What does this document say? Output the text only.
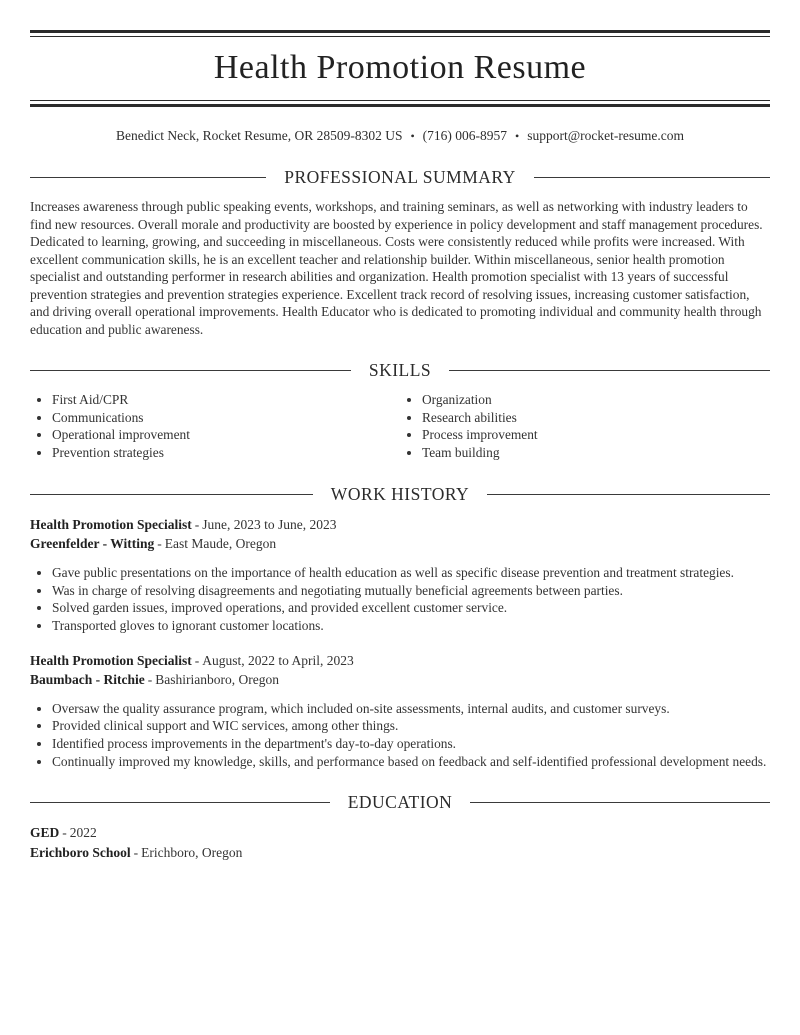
Health Promotion Resume
Benedict Neck, Rocket Resume, OR 28509-8302 US • (716) 006-8957 • support@rocket-resume.com
PROFESSIONAL SUMMARY

Increases awareness through public speaking events, workshops, and training seminars, as well as networking with industry leaders to find new resources. Overall morale and productivity are boosted by experience in policy development and staff management procedures. Dedicated to learning, growing, and succeeding in miscellaneous. Costs were consistently reduced while profits were increased. With excellent communication skills, he is an excellent teacher and relationship builder. Within miscellaneous, senior health promotion specialist and outstanding performer in research abilities and organization. Health promotion specialist with 13 years of successful prevention strategies and prevention strategies experience. Excellent track record of resolving issues, increasing customer satisfaction, and driving overall operational improvements. Health Educator who is dedicated to promoting individual and community health through education and public awareness.

SKILLS
• First Aid/CPR
• Communications
• Operational improvement
• Prevention strategies
• Organization
• Research abilities
• Process improvement
• Team building
WORK HISTORY
Health Promotion Specialist - June, 2023 to June, 2023
Greenfelder - Witting - East Maude, Oregon
• Gave public presentations on the importance of health education as well as specific disease prevention and treatment strategies.
• Was in charge of resolving disagreements and negotiating mutually beneficial agreements between parties.
• Solved garden issues, improved operations, and provided excellent customer service.
• Transported gloves to ignorant customer locations.
Health Promotion Specialist - August, 2022 to April, 2023
Baumbach - Ritchie - Bashirianboro, Oregon
• Oversaw the quality assurance program, which included on-site assessments, internal audits, and customer surveys.
• Provided clinical support and WIC services, among other things.
• Identified process improvements in the department's day-to-day operations.
• Continually improved my knowledge, skills, and performance based on feedback and self-identified professional development needs.
EDUCATION
GED - 2022
Erichboro School - Erichboro, Oregon
